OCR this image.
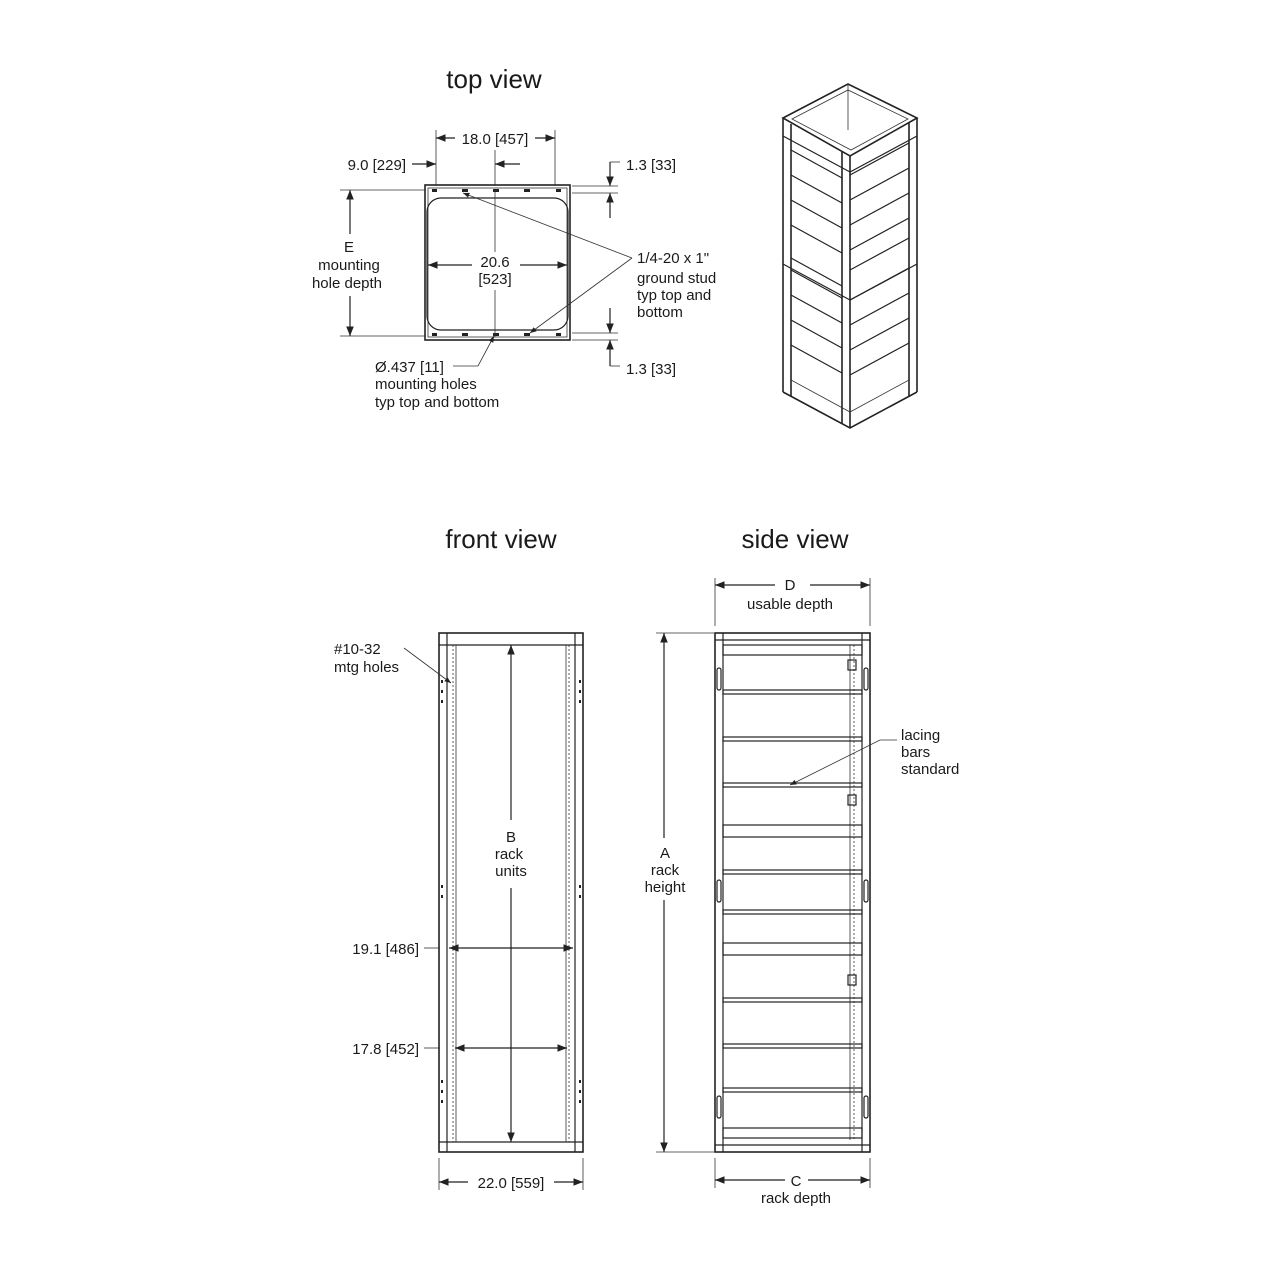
top view
18.0 [457]
9.0 [229]	1.3 [33]
1.3 [33]
20.6
[523]
E
mounting
hole depth
1/4-20 x 1"
ground stud
typ top and
bottom
Ø.437 [11]
mounting holes
typ top and bottom
front view
#10-32
mtg holes
B
rack
units
19.1 [486]
17.8 [452]
22.0 [559]
side view
D
usable depth
A
rack
height
lacing
bars
standard
C
rack depth
